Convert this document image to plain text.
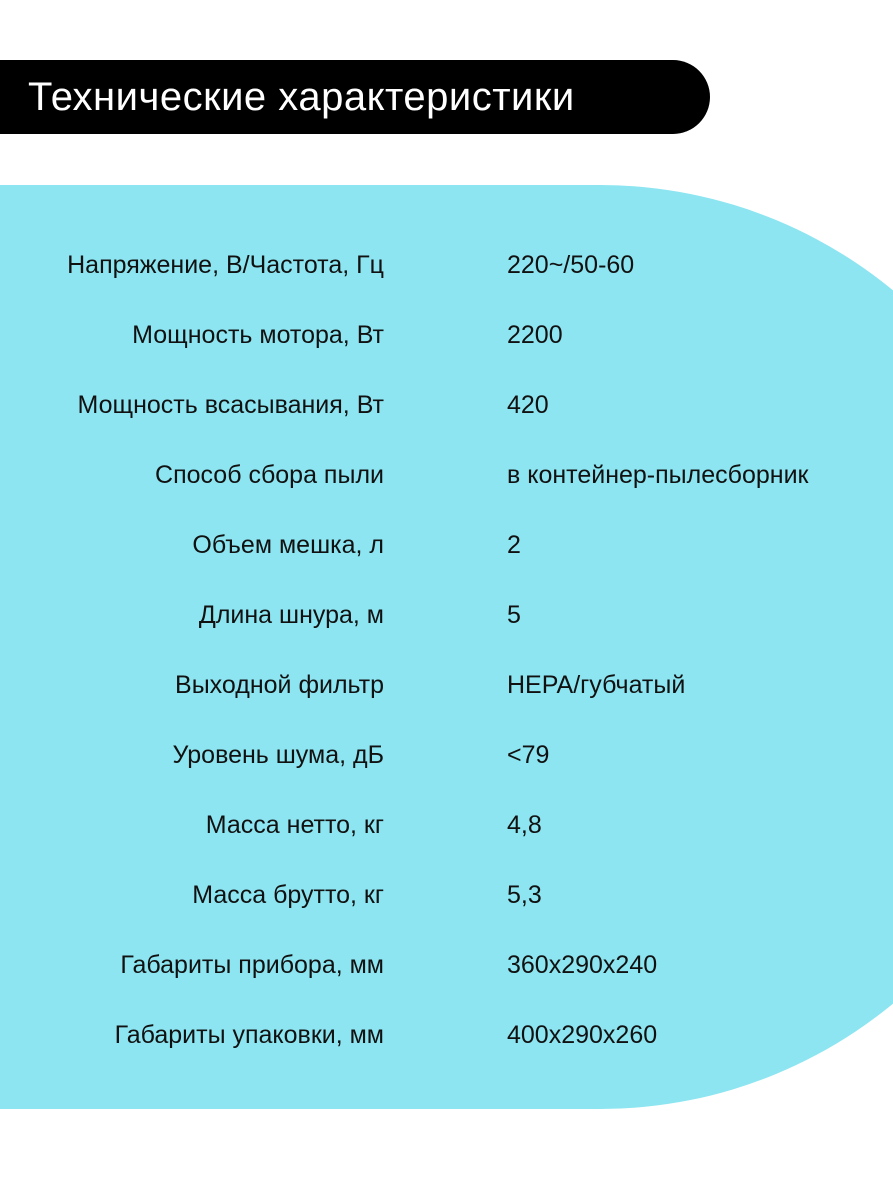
Технические характеристики
Напряжение, В/Частота, Гц	220~/50-60
Мощность мотора, Вт	2200
Мощность всасывания, Вт	420
Способ сбора пыли	в контейнер-пылесборник
Объем мешка, л	2
Длина шнура, м	5
Выходной фильтр	HEPA/губчатый
Уровень шума, дБ	<79
Масса нетто, кг	4,8
Масса брутто, кг	5,3
Габариты прибора, мм	360x290x240
Габариты упаковки, мм	400x290x260
